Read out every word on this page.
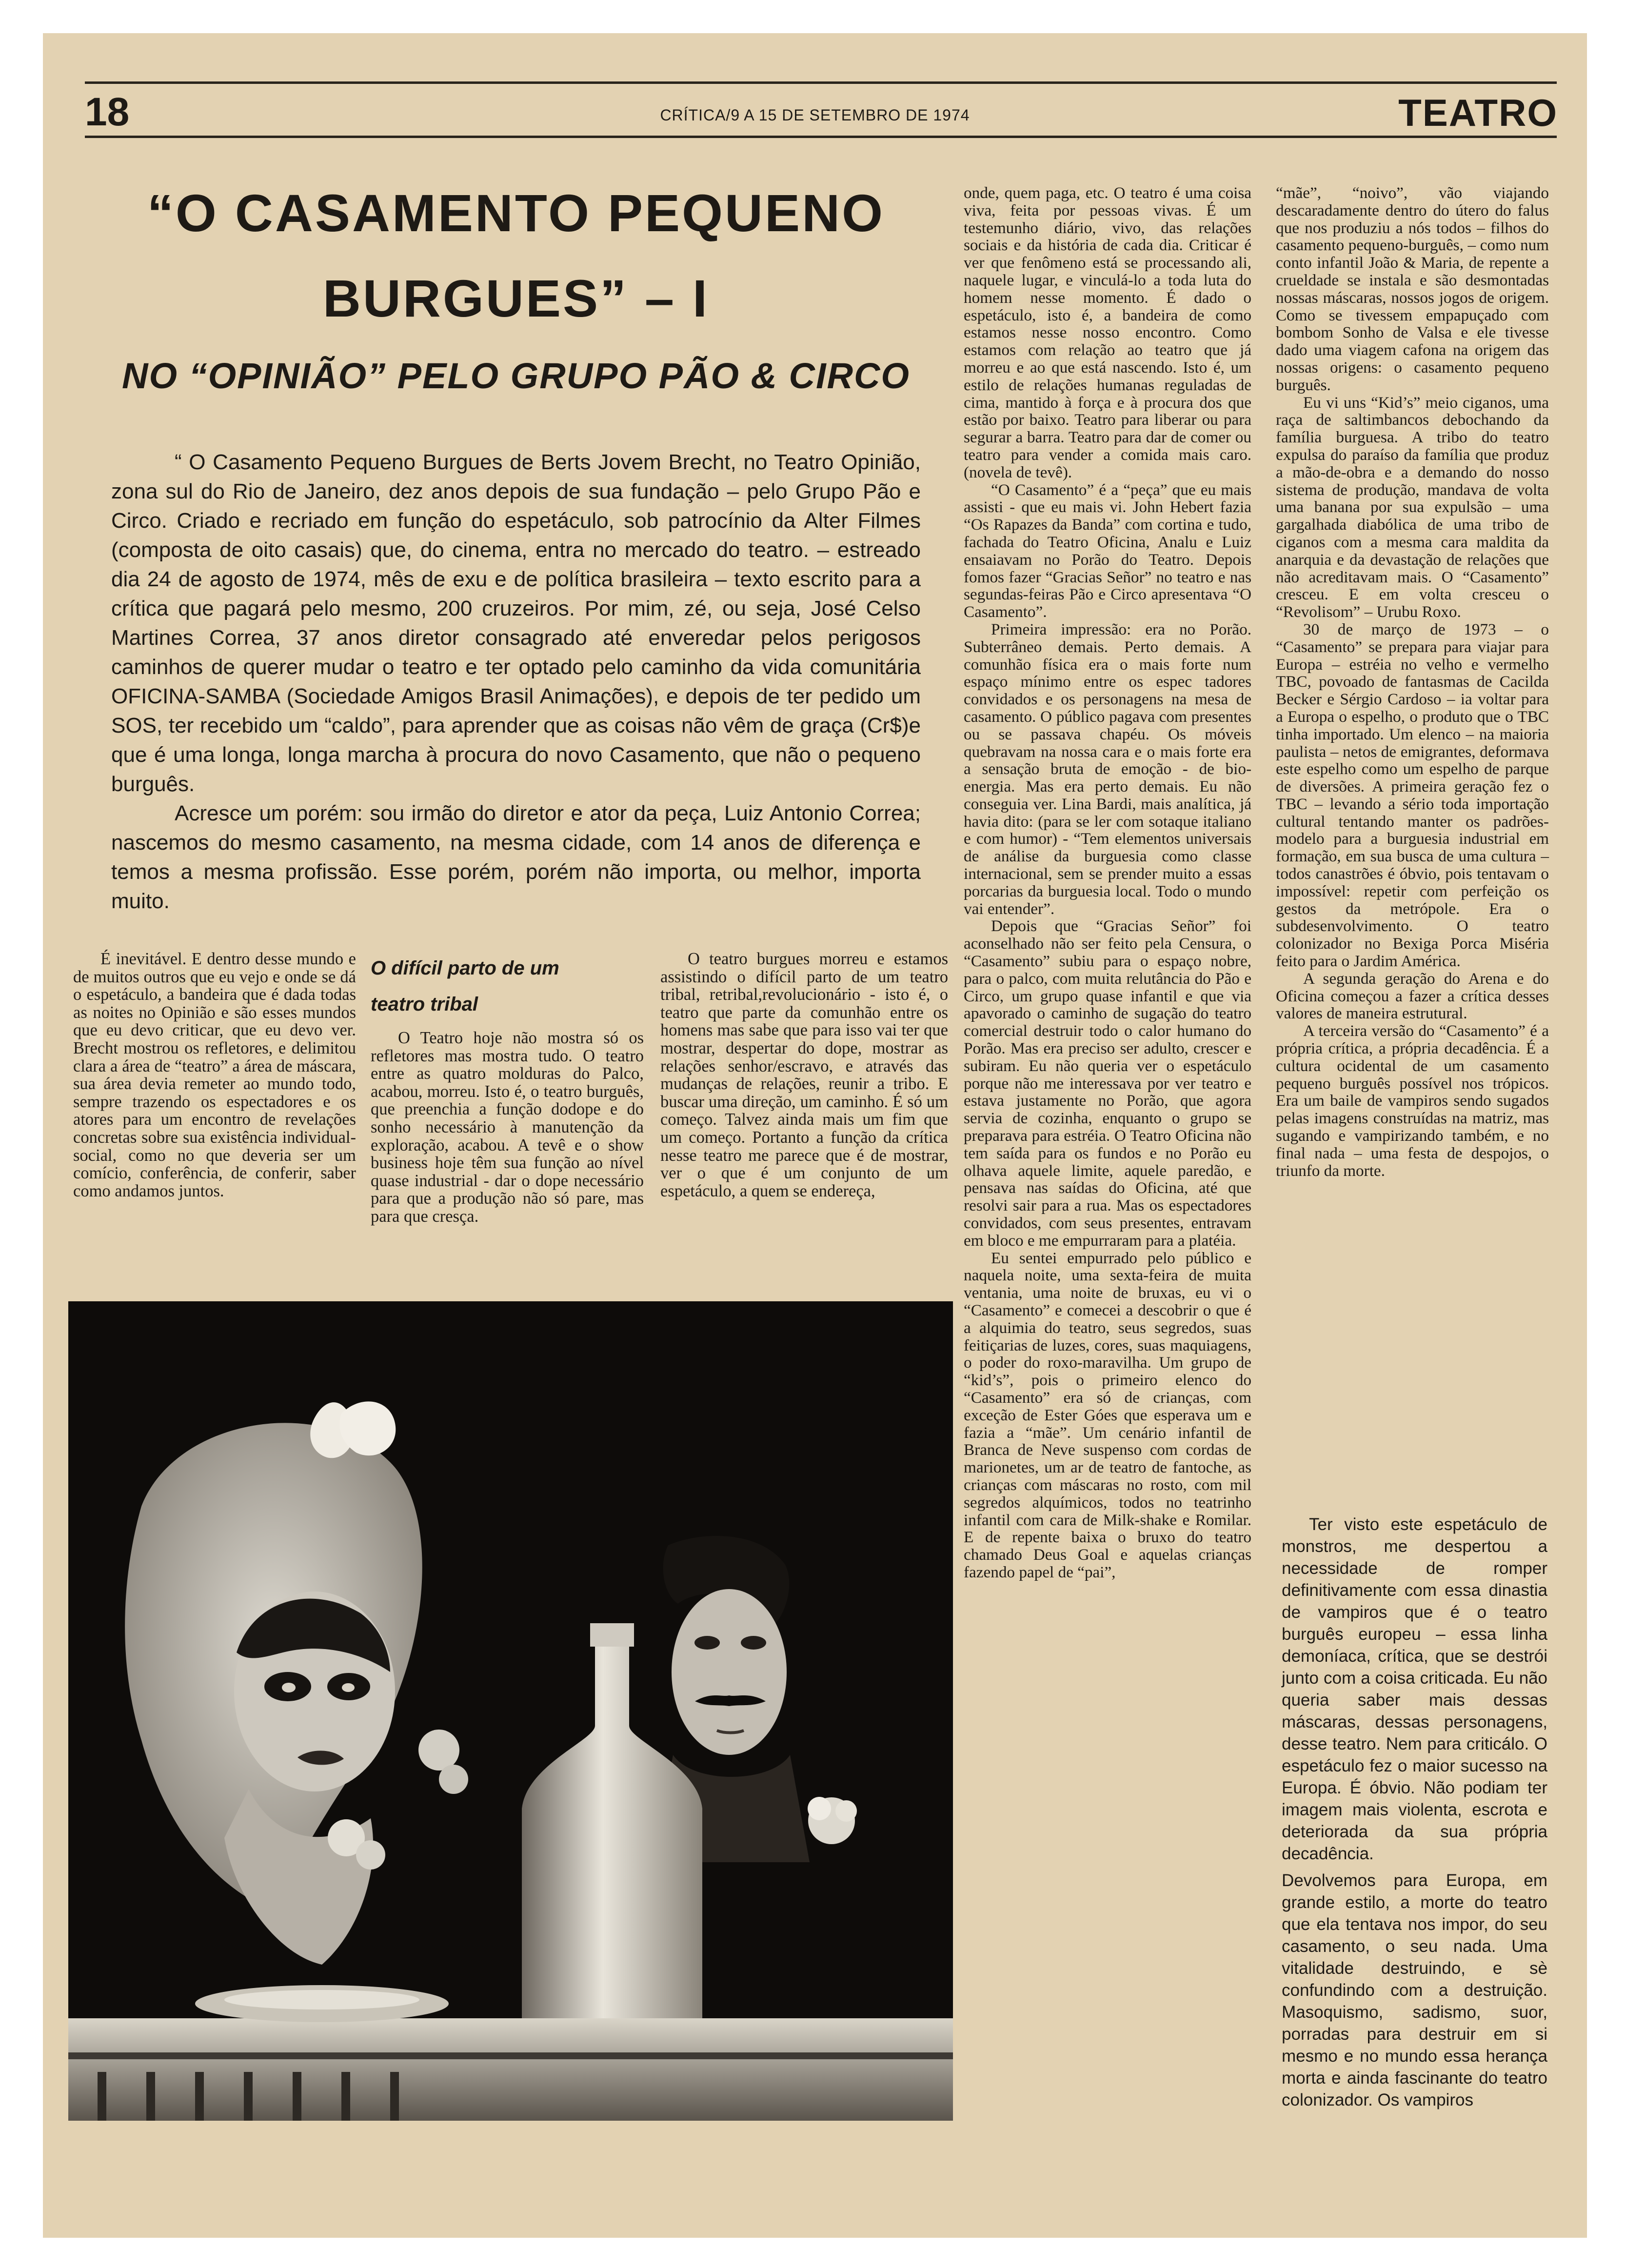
18	CRÍTICA/9 A 15 DE SETEMBRO DE 1974	TEATRO
“O CASAMENTO PEQUENO
BURGUES” – I
NO “OPINIÃO” PELO GRUPO PÃO & CIRCO

“ O Casamento Pequeno Burgues de Berts Jovem Brecht, no Teatro Opinião, zona sul do Rio de Janeiro, dez anos depois de sua fundação – pelo Grupo Pão e Circo. Criado e recriado em função do espetáculo, sob patrocínio da Alter Filmes (composta de oito casais) que, do cinema, entra no mercado do teatro. – estreado dia 24 de agosto de 1974, mês de exu e de política brasileira – texto escrito para a crítica que pagará pelo mesmo, 200 cruzeiros. Por mim, zé, ou seja, José Celso Martines Correa, 37 anos diretor consagrado até enveredar pelos perigosos caminhos de querer mudar o teatro e ter optado pelo caminho da vida comunitária OFICINA-SAMBA (Sociedade Amigos Brasil Animações), e depois de ter pedido um SOS, ter recebido um “caldo”, para aprender que as coisas não vêm de graça (Cr$)e que é uma longa, longa marcha à procura do novo Casamento, que não o pequeno burguês.

Acresce um porém: sou irmão do diretor e ator da peça, Luiz Antonio Correa; nascemos do mesmo casamento, na mesma cidade, com 14 anos de diferença e temos a mesma profissão. Esse porém, porém não importa, ou melhor, importa muito.

É inevitável. E dentro desse mundo e de muitos outros que eu vejo e onde se dá o espetáculo, a bandeira que é dada todas as noites no Opinião e são esses mundos que eu devo criticar, que eu devo ver. Brecht mostrou os refletores, e delimitou clara a área de “teatro” a área de máscara, sua área devia remeter ao mundo todo, sempre trazendo os espectadores e os atores para um encontro de revelações concretas sobre sua existência individual-social, como no que deveria ser um comício, conferência, de conferir, saber como andamos juntos.

O difícil parto de um
teatro tribal

O Teatro hoje não mostra só os refletores mas mostra tudo. O teatro entre as quatro molduras do Palco, acabou, morreu. Isto é, o teatro burguês, que preenchia a função dodope e do sonho necessário à manutenção da exploração, acabou. A tevê e o show business hoje têm sua função ao nível quase industrial - dar o dope necessário para que a produção não só pare, mas para que cresça.

O teatro burgues morreu e estamos assistindo o difícil parto de um teatro tribal, retribal,revolucionário - isto é, o teatro que parte da comunhão entre os homens mas sabe que para isso vai ter que mostrar, despertar do dope, mostrar as relações senhor/escravo, e através das mudanças de relações, reunir a tribo. E buscar uma direção, um caminho. É só um começo. Talvez ainda mais um fim que um começo. Portanto a função da crítica nesse teatro me parece que é de mostrar, ver o que é um conjunto de um espetáculo, a quem se endereça,

onde, quem paga, etc. O teatro é uma coisa viva, feita por pessoas vivas. É um testemunho diário, vivo, das relações sociais e da história de cada dia. Criticar é ver que fenômeno está se processando ali, naquele lugar, e vinculá-lo a toda luta do homem nesse momento. É dado o espetáculo, isto é, a bandeira de como estamos nesse nosso encontro. Como estamos com relação ao teatro que já morreu e ao que está nascendo. Isto é, um estilo de relações humanas reguladas de cima, mantido à força e à procura dos que estão por baixo. Teatro para liberar ou para segurar a barra. Teatro para dar de comer ou teatro para vender a comida mais caro. (novela de tevê).

“O Casamento” é a “peça” que eu mais assisti - que eu mais vi. John Hebert fazia “Os Rapazes da Banda” com cortina e tudo, fachada do Teatro Oficina, Analu e Luiz ensaiavam no Porão do Teatro. Depois fomos fazer “Gracias Señor” no teatro e nas segundas-feiras Pão e Circo apresentava “O Casamento”.

Primeira impressão: era no Porão. Subterrâneo demais. Perto demais. A comunhão física era o mais forte num espaço mínimo entre os espec tadores convidados e os personagens na mesa de casamento. O público pagava com presentes ou se passava chapéu. Os móveis quebravam na nossa cara e o mais forte era a sensação bruta de emoção - de bio-energia. Mas era perto demais. Eu não conseguia ver. Lina Bardi, mais analítica, já havia dito: (para se ler com sotaque italiano e com humor) - “Tem elementos universais de análise da burguesia como classe internacional, sem se prender muito a essas porcarias da burguesia local. Todo o mundo vai entender”.

Depois que “Gracias Señor” foi aconselhado não ser feito pela Censura, o “Casamento” subiu para o espaço nobre, para o palco, com muita relutância do Pão e Circo, um grupo quase infantil e que via apavorado o caminho de sugação do teatro comercial destruir todo o calor humano do Porão. Mas era preciso ser adulto, crescer e subiram. Eu não queria ver o espetáculo porque não me interessava por ver teatro e estava justamente no Porão, que agora servia de cozinha, enquanto o grupo se preparava para estréia. O Teatro Oficina não tem saída para os fundos e no Porão eu olhava aquele limite, aquele paredão, e pensava nas saídas do Oficina, até que resolvi sair para a rua. Mas os espectadores convidados, com seus presentes, entravam em bloco e me empurraram para a platéia.

Eu sentei empurrado pelo público e naquela noite, uma sexta-feira de muita ventania, uma noite de bruxas, eu vi o “Casamento” e comecei a descobrir o que é a alquimia do teatro, seus segredos, suas feitiçarias de luzes, cores, suas maquiagens, o poder do roxo-maravilha. Um grupo de “kid’s”, pois o primeiro elenco do “Casamento” era só de crianças, com exceção de Ester Góes que esperava um e fazia a “mãe”. Um cenário infantil de Branca de Neve suspenso com cordas de marionetes, um ar de teatro de fantoche, as crianças com máscaras no rosto, com mil segredos alquímicos, todos no teatrinho infantil com cara de Milk-shake e Romilar. E de repente baixa o bruxo do teatro chamado Deus Goal e aquelas crianças fazendo papel de “pai”,

“mãe”, “noivo”, vão viajando descaradamente dentro do útero do falus que nos produziu a nós todos – filhos do casamento pequeno-burguês, – como num conto infantil João & Maria, de repente a crueldade se instala e são desmontadas nossas máscaras, nossos jogos de origem. Como se tivessem empapuçado com bombom Sonho de Valsa e ele tivesse dado uma viagem cafona na origem das nossas origens: o casamento pequeno burguês.

Eu vi uns “Kid’s” meio ciganos, uma raça de saltimbancos debochando da família burguesa. A tribo do teatro expulsa do paraíso da família que produz a mão-de-obra e a demando do nosso sistema de produção, mandava de volta uma banana por sua expulsão – uma gargalhada diabólica de uma tribo de ciganos com a mesma cara maldita da anarquia e da devastação de relações que não acreditavam mais. O “Casamento” cresceu. E em volta cresceu o “Revolisom” – Urubu Roxo.

30 de março de 1973 – o “Casamento” se prepara para viajar para Europa – estréia no velho e vermelho TBC, povoado de fantasmas de Cacilda Becker e Sérgio Cardoso – ia voltar para a Europa o espelho, o produto que o TBC tinha importado. Um elenco – na maioria paulista – netos de emigrantes, deformava este espelho como um espelho de parque de diversões. A primeira geração fez o TBC – levando a sério toda importação cultural tentando manter os padrões-modelo para a burguesia industrial em formação, em sua busca de uma cultura – todos canastrões é óbvio, pois tentavam o impossível: repetir com perfeição os gestos da metrópole. Era o subdesenvolvimento. O teatro colonizador no Bexiga Porca Miséria feito para o Jardim América.

A segunda geração do Arena e do Oficina começou a fazer a crítica desses valores de maneira estrutural.

A terceira versão do “Casamento” é a própria crítica, a própria decadência. É a cultura ocidental de um casamento pequeno burguês possível nos trópicos. Era um baile de vampiros sendo sugados pelas imagens construídas na matriz, mas sugando e vampirizando também, e no final nada – uma festa de despojos, o triunfo da morte.

Ter visto este espetáculo de monstros, me despertou a necessidade de romper definitivamente com essa dinastia de vampiros que é o teatro burguês europeu – essa linha demoníaca, crítica, que se destrói junto com a coisa criticada. Eu não queria saber mais dessas máscaras, dessas personagens, desse teatro. Nem para criticálo. O espetáculo fez o maior sucesso na Europa. É óbvio. Não podiam ter imagem mais violenta, escrota e deteriorada da sua própria decadência.

Devolvemos para Europa, em grande estilo, a morte do teatro que ela tentava nos impor, do seu casamento, o seu nada. Uma vitalidade destruindo, e sè confundindo com a destruição. Masoquismo, sadismo, suor, porradas para destruir em si mesmo e no mundo essa herança morta e ainda fascinante do teatro colonizador. Os vampiros
